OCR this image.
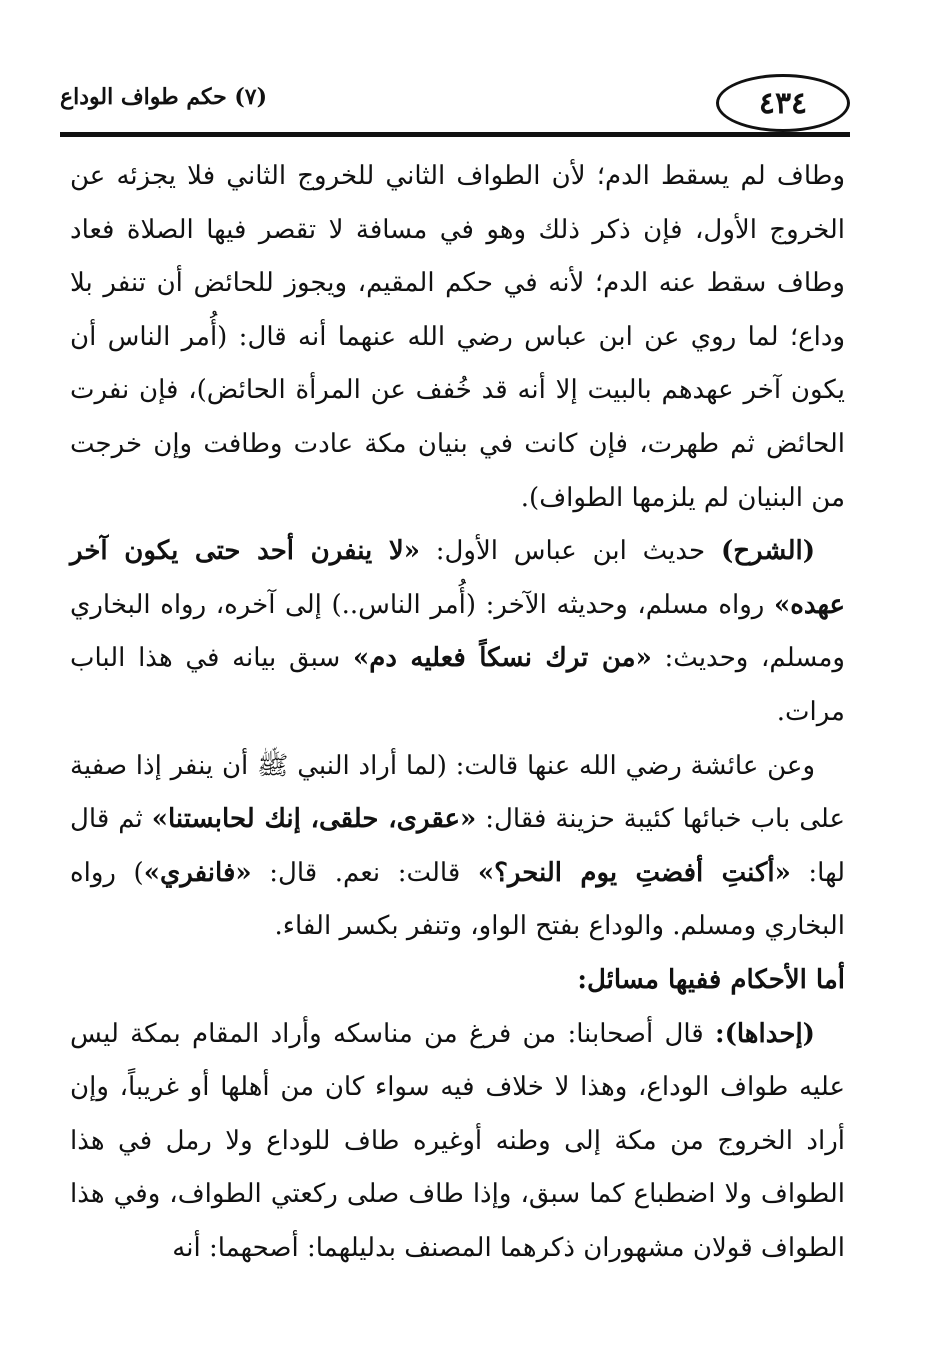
٤٣٤
(٧) حكم طواف الوداع

وطاف لم يسقط الدم؛ لأن الطواف الثاني للخروج الثاني فلا يجزئه عن الخروج الأول، فإن ذكر ذلك وهو في مسافة لا تقصر فيها الصلاة فعاد وطاف سقط عنه الدم؛ لأنه في حكم المقيم، ويجوز للحائض أن تنفر بلا وداع؛ لما روي عن ابن عباس رضي الله عنهما أنه قال: (أُمر الناس أن يكون آخر عهدهم بالبيت إلا أنه قد خُفف عن المرأة الحائض)، فإن نفرت الحائض ثم طهرت، فإن كانت في بنيان مكة عادت وطافت وإن خرجت من البنيان لم يلزمها الطواف).

(الشرح) حديث ابن عباس الأول: «لا ينفرن أحد حتى يكون آخر عهده» رواه مسلم، وحديثه الآخر: (أُمر الناس..) إلى آخره، رواه البخاري ومسلم، وحديث: «من ترك نسكاً فعليه دم» سبق بيانه في هذا الباب مرات.

وعن عائشة رضي الله عنها قالت: (لما أراد النبي ﷺ أن ينفر إذا صفية على باب خبائها كئيبة حزينة فقال: «عقرى، حلقى، إنك لحابستنا» ثم قال لها: «أكنتِ أفضتِ يوم النحر؟» قالت: نعم. قال: «فانفري») رواه البخاري ومسلم. والوداع بفتح الواو، وتنفر بكسر الفاء.

أما الأحكام ففيها مسائل:

(إحداها): قال أصحابنا: من فرغ من مناسكه وأراد المقام بمكة ليس عليه طواف الوداع، وهذا لا خلاف فيه سواء كان من أهلها أو غريباً، وإن أراد الخروج من مكة إلى وطنه أوغيره طاف للوداع ولا رمل في هذا الطواف ولا اضطباع كما سبق، وإذا طاف صلى ركعتي الطواف، وفي هذا الطواف قولان مشهوران ذكرهما المصنف بدليلهما: أصحهما: أنه
